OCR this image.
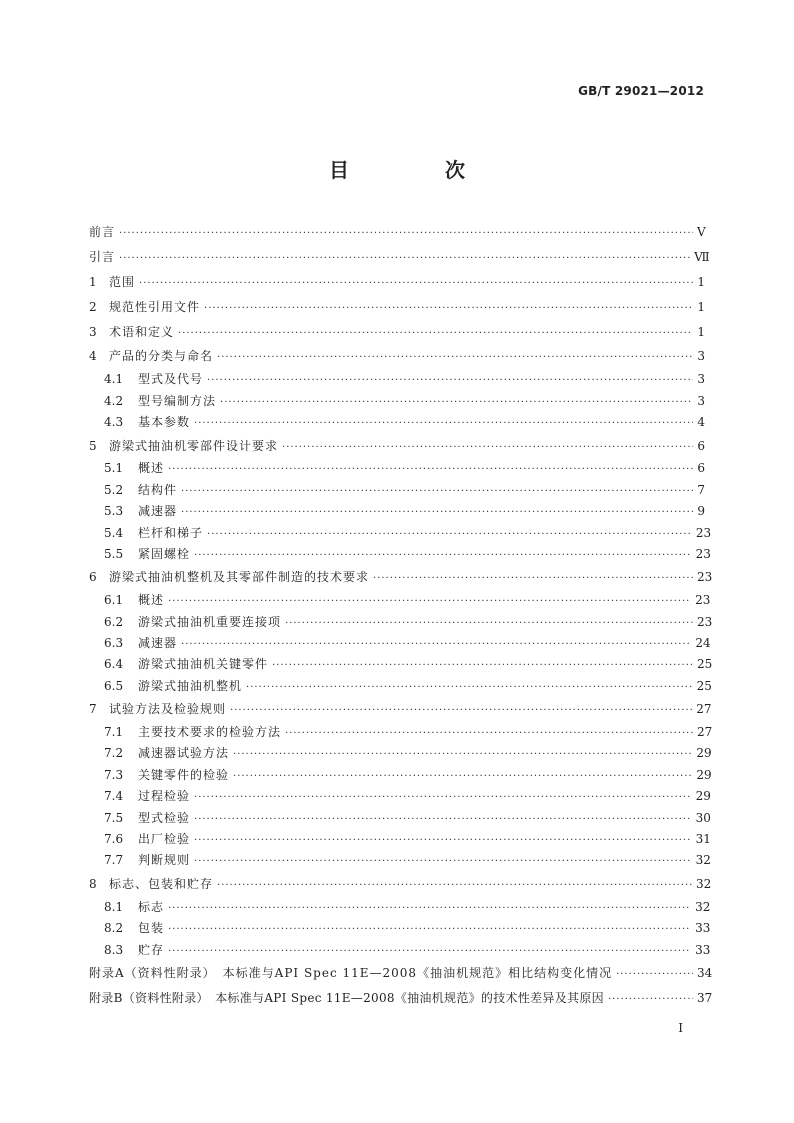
GB/T 29021—2012
目　次
前言 ·····	Ⅴ
引言 ·····	Ⅶ
1	范围 ·····	1
2	规范性引用文件 ·····	1
3	术语和定义 ·····	1
4	产品的分类与命名 ·····	3
4.1	型式及代号 ·····	3
4.2	型号编制方法 ·····	3
4.3	基本参数 ·····	4
5	游梁式抽油机零部件设计要求 ·····	6
5.1	概述 ·····	6
5.2	结构件 ·····	7
5.3	减速器 ·····	9
5.4	栏杆和梯子 ·····	23
5.5	紧固螺栓 ·····	23
6	游梁式抽油机整机及其零部件制造的技术要求 ·····	23
6.1	概述 ·····	23
6.2	游梁式抽油机重要连接项 ·····	23
6.3	减速器 ·····	24
6.4	游梁式抽油机关键零件 ·····	25
6.5	游梁式抽油机整机 ·····	25
7	试验方法及检验规则 ·····	27
7.1	主要技术要求的检验方法 ·····	27
7.2	减速器试验方法 ·····	29
7.3	关键零件的检验 ·····	29
7.4	过程检验 ·····	29
7.5	型式检验 ·····	30
7.6	出厂检验 ·····	31
7.7	判断规则 ·····	32
8	标志、包装和贮存 ·····	32
8.1	标志 ·····	32
8.2	包装 ·····	33
8.3	贮存 ·····	33
附录A（资料性附录）　本标准与API Spec 11E—2008《抽油机规范》相比结构变化情况 ·····	34
附录B（资料性附录）　本标准与API Spec 11E—2008《抽油机规范》的技术性差异及其原因 ·····	37
I
